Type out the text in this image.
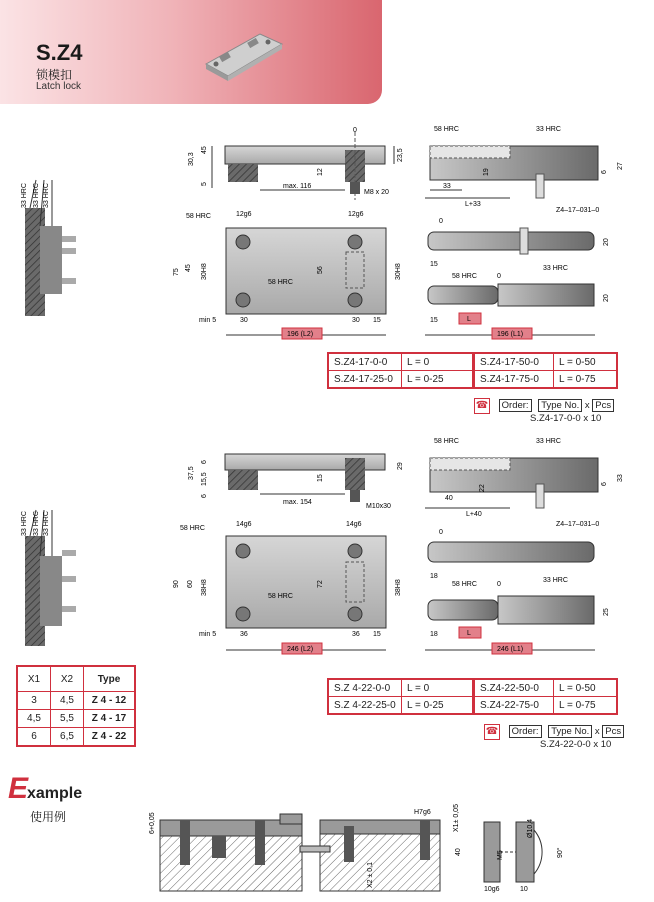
S.Z4
锁模扣
Latch lock
33 HRC 33 HRC 33 HRC
0
30,3
45
5
12
23,5
max. 116
M8 x 20
58 HRC	33 HRC
19	6
27
33
L+33
Z4–17–031–0
58 HRC	12g6	12g6
75
45 30H8	56	30H8
58 HRC
min 5	30	30 15
196 (L2)
0
15
20
58 HRC	0
33 HRC
15	L
20
196 (L1)
S.Z4-17-0-0	L = 0	S.Z4-17-50-0	L = 0-50
S.Z4-17-25-0	L = 0-25	S.Z4-17-75-0	L = 0-75
☎ Order: Type No. x Pcs
S.Z4-17-0-0 x 10
33 HRC 33 HRC 33 HRC
37,5
6
15,5
6
15
29
max. 154
M10x30
58 HRC	33 HRC
22
6
33
40
L+40
Z4–17–031–0
58 HRC
14g6	14g6
90 60 38H8	72	38H8
58 HRC
min 5	36	36 15
246 (L2)
0
18
58 HRC	0
33 HRC
18	L
25
246 (L1)
X1	X2	Type
3	4,5	Z 4 - 12
4,5	5,5	Z 4 - 17
6	6,5	Z 4 - 22
S.Z 4-22-0-0	L = 0	S.Z4-22-50-0	L = 0-50
S.Z 4-22-25-0	L = 0-25	S.Z4-22-75-0	L = 0-75
☎ Order: Type No. x Pcs
S.Z4-22-0-0 x 10
E
xample
使用例	6+0,05	H7g6	X1± 0,05
X2 ± 0,1
40	M5
Ø10,4
90°
10g6	10
